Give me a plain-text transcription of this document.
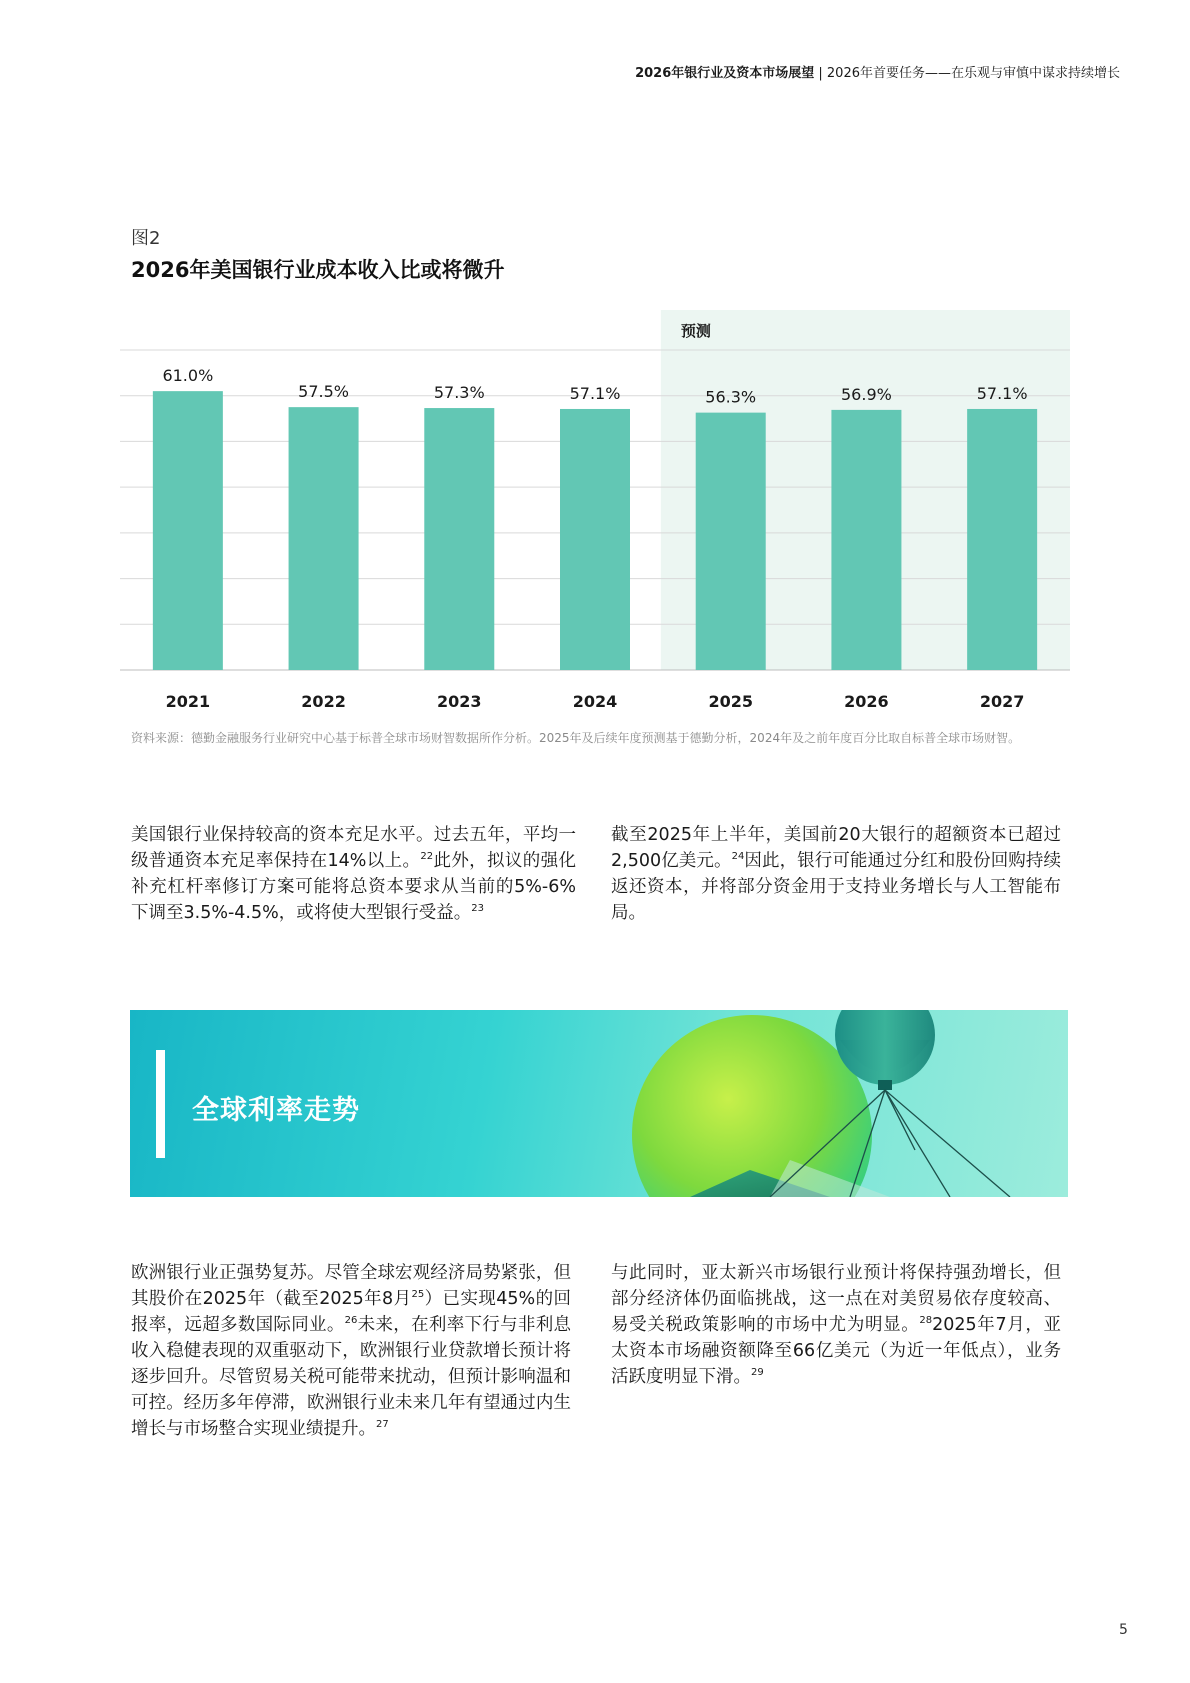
2026年银行业及资本市场展望 | 2026年首要任务——在乐观与审慎中谋求持续增长
图2
2026年美国银行业成本收入比或将微升
预测
61.0%
2021
57.5%
2022
57.3%
2023
57.1%
2024
56.3%
2025
56.9%
2026
57.1%
2027
资料来源：德勤金融服务行业研究中心基于标普全球市场财智数据所作分析。2025年及后续年度预测基于德勤分析，2024年及之前年度百分比取自标普全球市场财智。
美国银行业保持较高的资本充足水平。过去五年，平均一级普通资本充足率保持在14%以上。$^{22}$此外，拟议的强化补充杠杆率修订方案可能将总资本要求从当前的5%-6%下调至3.5%-4.5%，或将使大型银行受益。$^{23}$
截至2025年上半年，美国前20大银行的超额资本已超过2,500亿美元。$^{24}$因此，银行可能通过分红和股份回购持续返还资本，并将部分资金用于支持业务增长与人工智能布局。
全球利率走势
欧洲银行业正强势复苏。尽管全球宏观经济局势紧张，但其股价在2025年（截至2025年8月$^{25}$）已实现45%的回报率，远超多数国际同业。$^{26}$未来，在利率下行与非利息收入稳健表现的双重驱动下，欧洲银行业贷款增长预计将逐步回升。尽管贸易关税可能带来扰动，但预计影响温和可控。经历多年停滞，欧洲银行业未来几年有望通过内生增长与市场整合实现业绩提升。$^{27}$
与此同时，亚太新兴市场银行业预计将保持强劲增长，但部分经济体仍面临挑战，这一点在对美贸易依存度较高、易受关税政策影响的市场中尤为明显。$^{28}$2025年7月，亚太资本市场融资额降至66亿美元（为近一年低点），业务活跃度明显下滑。$^{29}$
5
